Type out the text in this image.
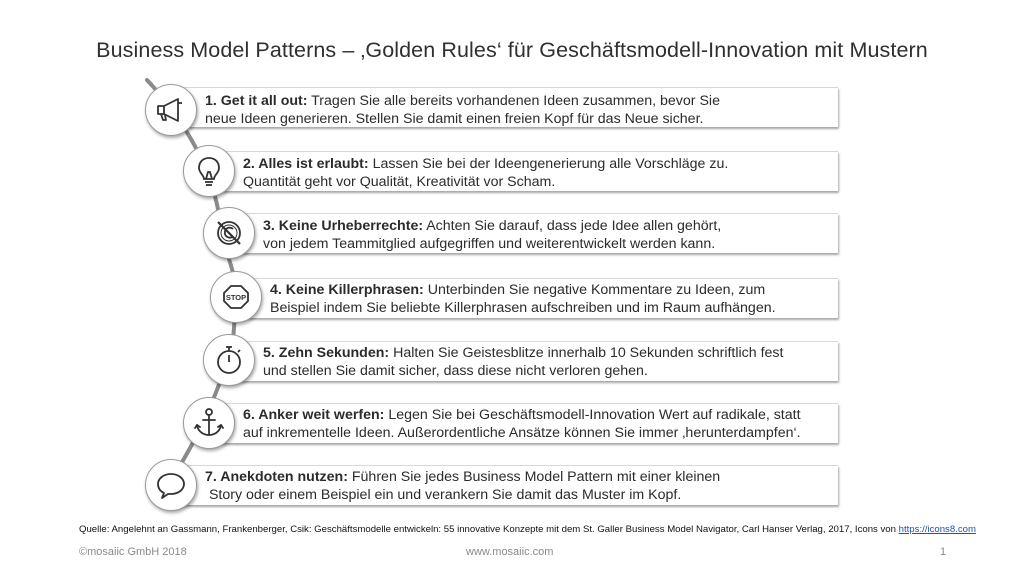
Business Model Patterns – ‚Golden Rules‘ für Geschäftsmodell-Innovation mit Mustern
1. Get it all out: Tragen Sie alle bereits vorhandenen Ideen zusammen, bevor Sie
neue Ideen generieren. Stellen Sie damit einen freien Kopf für das Neue sicher.
2. Alles ist erlaubt: Lassen Sie bei der Ideengenerierung alle Vorschläge zu.
Quantität geht vor Qualität, Kreativität vor Scham.
3. Keine Urheberrechte: Achten Sie darauf, dass jede Idee allen gehört,
von jedem Teammitglied aufgegriffen und weiterentwickelt werden kann.
4. Keine Killerphrasen: Unterbinden Sie negative Kommentare zu Ideen, zum
Beispiel indem Sie beliebte Killerphrasen aufschreiben und im Raum aufhängen.
STOP
5. Zehn Sekunden: Halten Sie Geistesblitze innerhalb 10 Sekunden schriftlich fest
und stellen Sie damit sicher, dass diese nicht verloren gehen.
6. Anker weit werfen: Legen Sie bei Geschäftsmodell-Innovation Wert auf radikale, statt
auf inkrementelle Ideen. Außerordentliche Ansätze können Sie immer ‚herunterdampfen‘.
7. Anekdoten nutzen: Führen Sie jedes Business Model Pattern mit einer kleinen
Story oder einem Beispiel ein und verankern Sie damit das Muster im Kopf.
Quelle: Angelehnt an Gassmann, Frankenberger, Csik: Geschäftsmodelle entwickeln: 55 innovative Konzepte mit dem St. Galler Business Model Navigator, Carl Hanser Verlag, 2017, Icons von https://icons8.com
©mosaiic GmbH 2018	www.mosaiic.com	1
